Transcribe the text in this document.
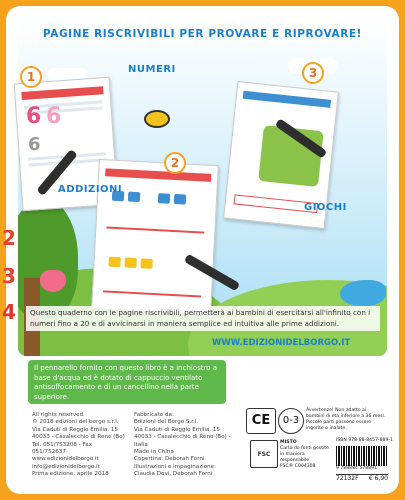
PAGINE RISCRIVIBILI PER PROVARE E RIPROVARE!
6 6
6
1
2
3
NUMERI
ADDIZIONI
GIOCHI
2
3
4	Questo quaderno con le pagine riscrivibili, permetterà ai bambini di esercitarsi all'infinito con i numeri fino a 20 e di avvicinarsi in maniera semplice ed intuitiva alle prime addizioni.
WWW.EDIZIONIDELBORGO.IT
Il pennarello fornito con questo libro è a inchiostro a base d'acqua ed è dotato di cappuccio ventilato antisoffocamento e di un cancellino nella parte superiore.
All rights reserved
© 2018 edizioni del borgo s.r.l.
Via Caduti di Reggio Emilia, 15
40033 - Casalecchio di Reno (Bo)
Tel. 051/753208 - Fax 051/752637
www.edizionidelborgo.it
info@edizionidelborgo.it
Prima edizione: aprile 2018
Fabbricato da:
Edizioni del Borgo S.r.l.
Via Caduti di Reggio Emilia, 15
40033 - Casalecchio di Reno (Bo) - Italia
Made in China
Copertina: Deborah Forni
Illustrazioni e impaginazione:
Claudia Dovi, Deborah Forni
CE	0-3
Avvertenze! Non adatto ai bambini di età inferiore a 36 mesi. Piccole parti possono essere ingerite o inalate.
FSC
MISTO
Carta da fonti gestite
in maniera responsabile
FSC® C004308
ISBN 978-88-8457-889-1
9 788884 578891
72132F € 6,90
